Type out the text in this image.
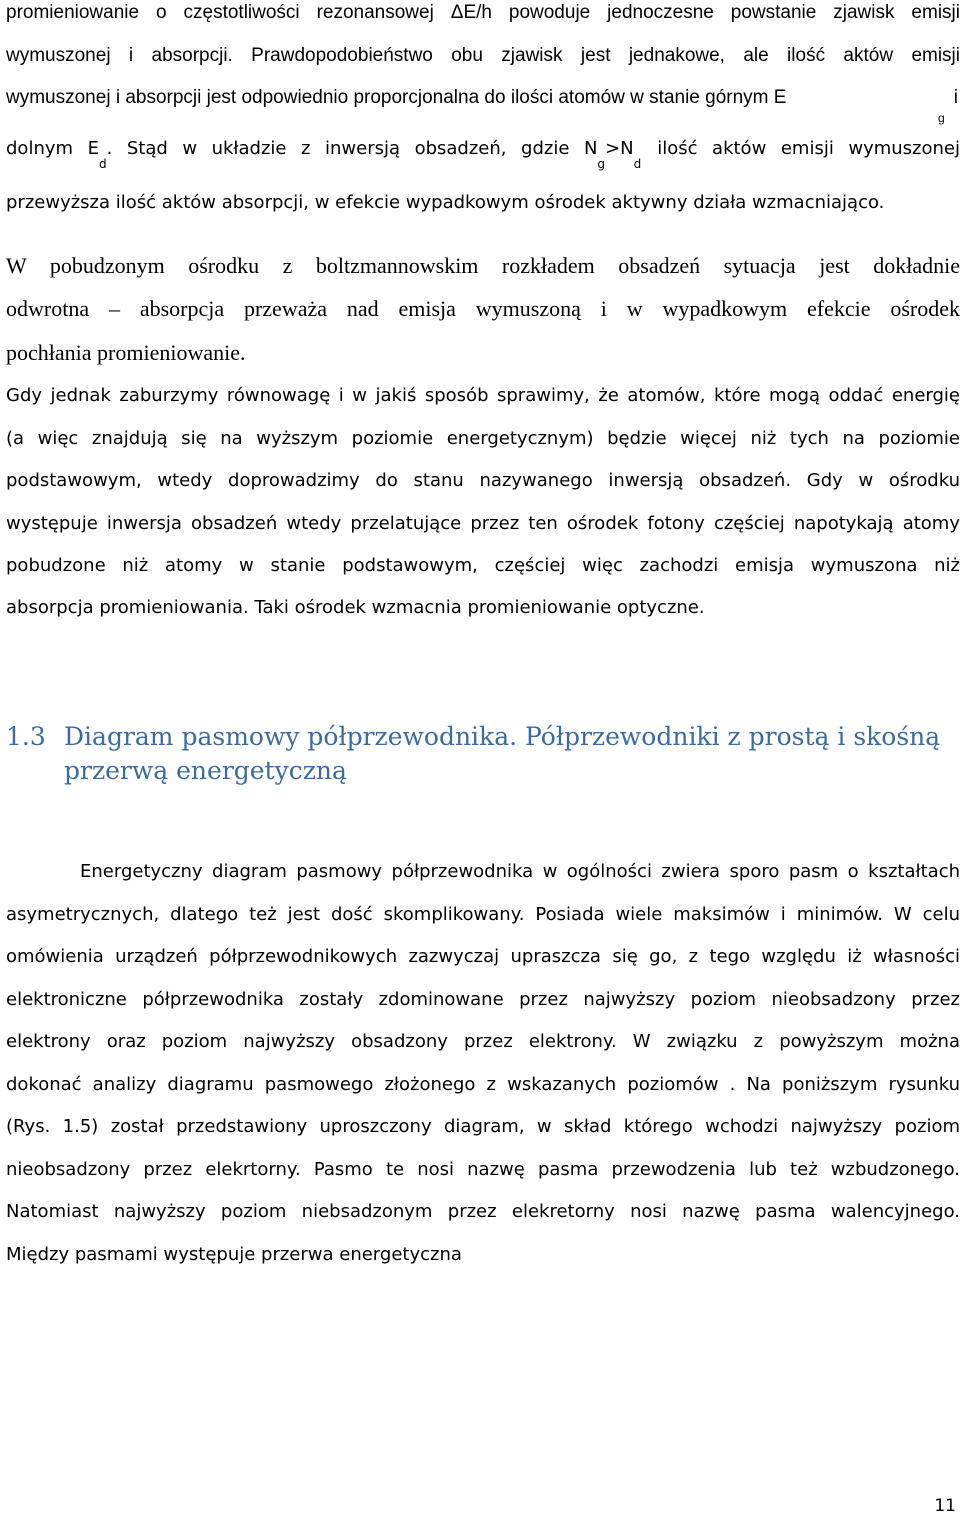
promieniowanie o częstotliwości rezonansowej ΔE/h powoduje jednoczesne powstanie zjawisk emisji
wymuszonej i absorpcji. Prawdopodobieństwo obu zjawisk jest jednakowe, ale ilość aktów emisji
wymuszonej i absorpcji jest odpowiednio proporcjonalna do ilości atomów w stanie górnym E
g
i
dolnym $E_d$. Stąd w układzie z inwersją obsadzeń, gdzie $N_g>N_dilość$ aktów emisji wymuszonej
przewyższa ilość aktów absorpcji, w efekcie wypadkowym ośrodek aktywny działa wzmacniająco.
W pobudzonym ośrodku z boltzmannowskim rozkładem obsadzeń sytuacja jest dokładnie
odwrotna – absorpcja przeważa nad emisja wymuszoną i w wypadkowym efekcie ośrodek
pochłania promieniowanie.
Gdy jednak zaburzymy równowagę i w jakiś sposób sprawimy, że atomów, które mogą oddać energię
(a więc znajdują się na wyższym poziomie energetycznym) będzie więcej niż tych na poziomie
podstawowym, wtedy doprowadzimy do stanu nazywanego inwersją obsadzeń. Gdy w ośrodku
występuje inwersja obsadzeń wtedy przelatujące przez ten ośrodek fotony częściej napotykają atomy
pobudzone niż atomy w stanie podstawowym, częściej więc zachodzi emisja wymuszona niż
absorpcja promieniowania. Taki ośrodek wzmacnia promieniowanie optyczne.
1.3 Diagram pasmowy półprzewodnika. Półprzewodniki z prostą i skośną
przerwą energetyczną
Energetyczny diagram pasmowy półprzewodnika w ogólności zwiera sporo pasm o kształtach
asymetrycznych, dlatego też jest dość skomplikowany. Posiada wiele maksimów i minimów. W celu
omówienia urządzeń półprzewodnikowych zazwyczaj upraszcza się go, z tego względu iż własności
elektroniczne półprzewodnika zostały zdominowane przez najwyższy poziom nieobsadzony przez
elektrony oraz poziom najwyższy obsadzony przez elektrony. W związku z powyższym można
dokonać analizy diagramu pasmowego złożonego z wskazanych poziomów . Na poniższym rysunku
(Rys. 1.5) został przedstawiony uproszczony diagram, w skład którego wchodzi najwyższy poziom
nieobsadzony przez elekrtorny. Pasmo te nosi nazwę pasma przewodzenia lub też wzbudzonego.
Natomiast najwyższy poziom niebsadzonym przez elekretorny nosi nazwę pasma walencyjnego.
Między pasmami występuje przerwa energetyczna
11
